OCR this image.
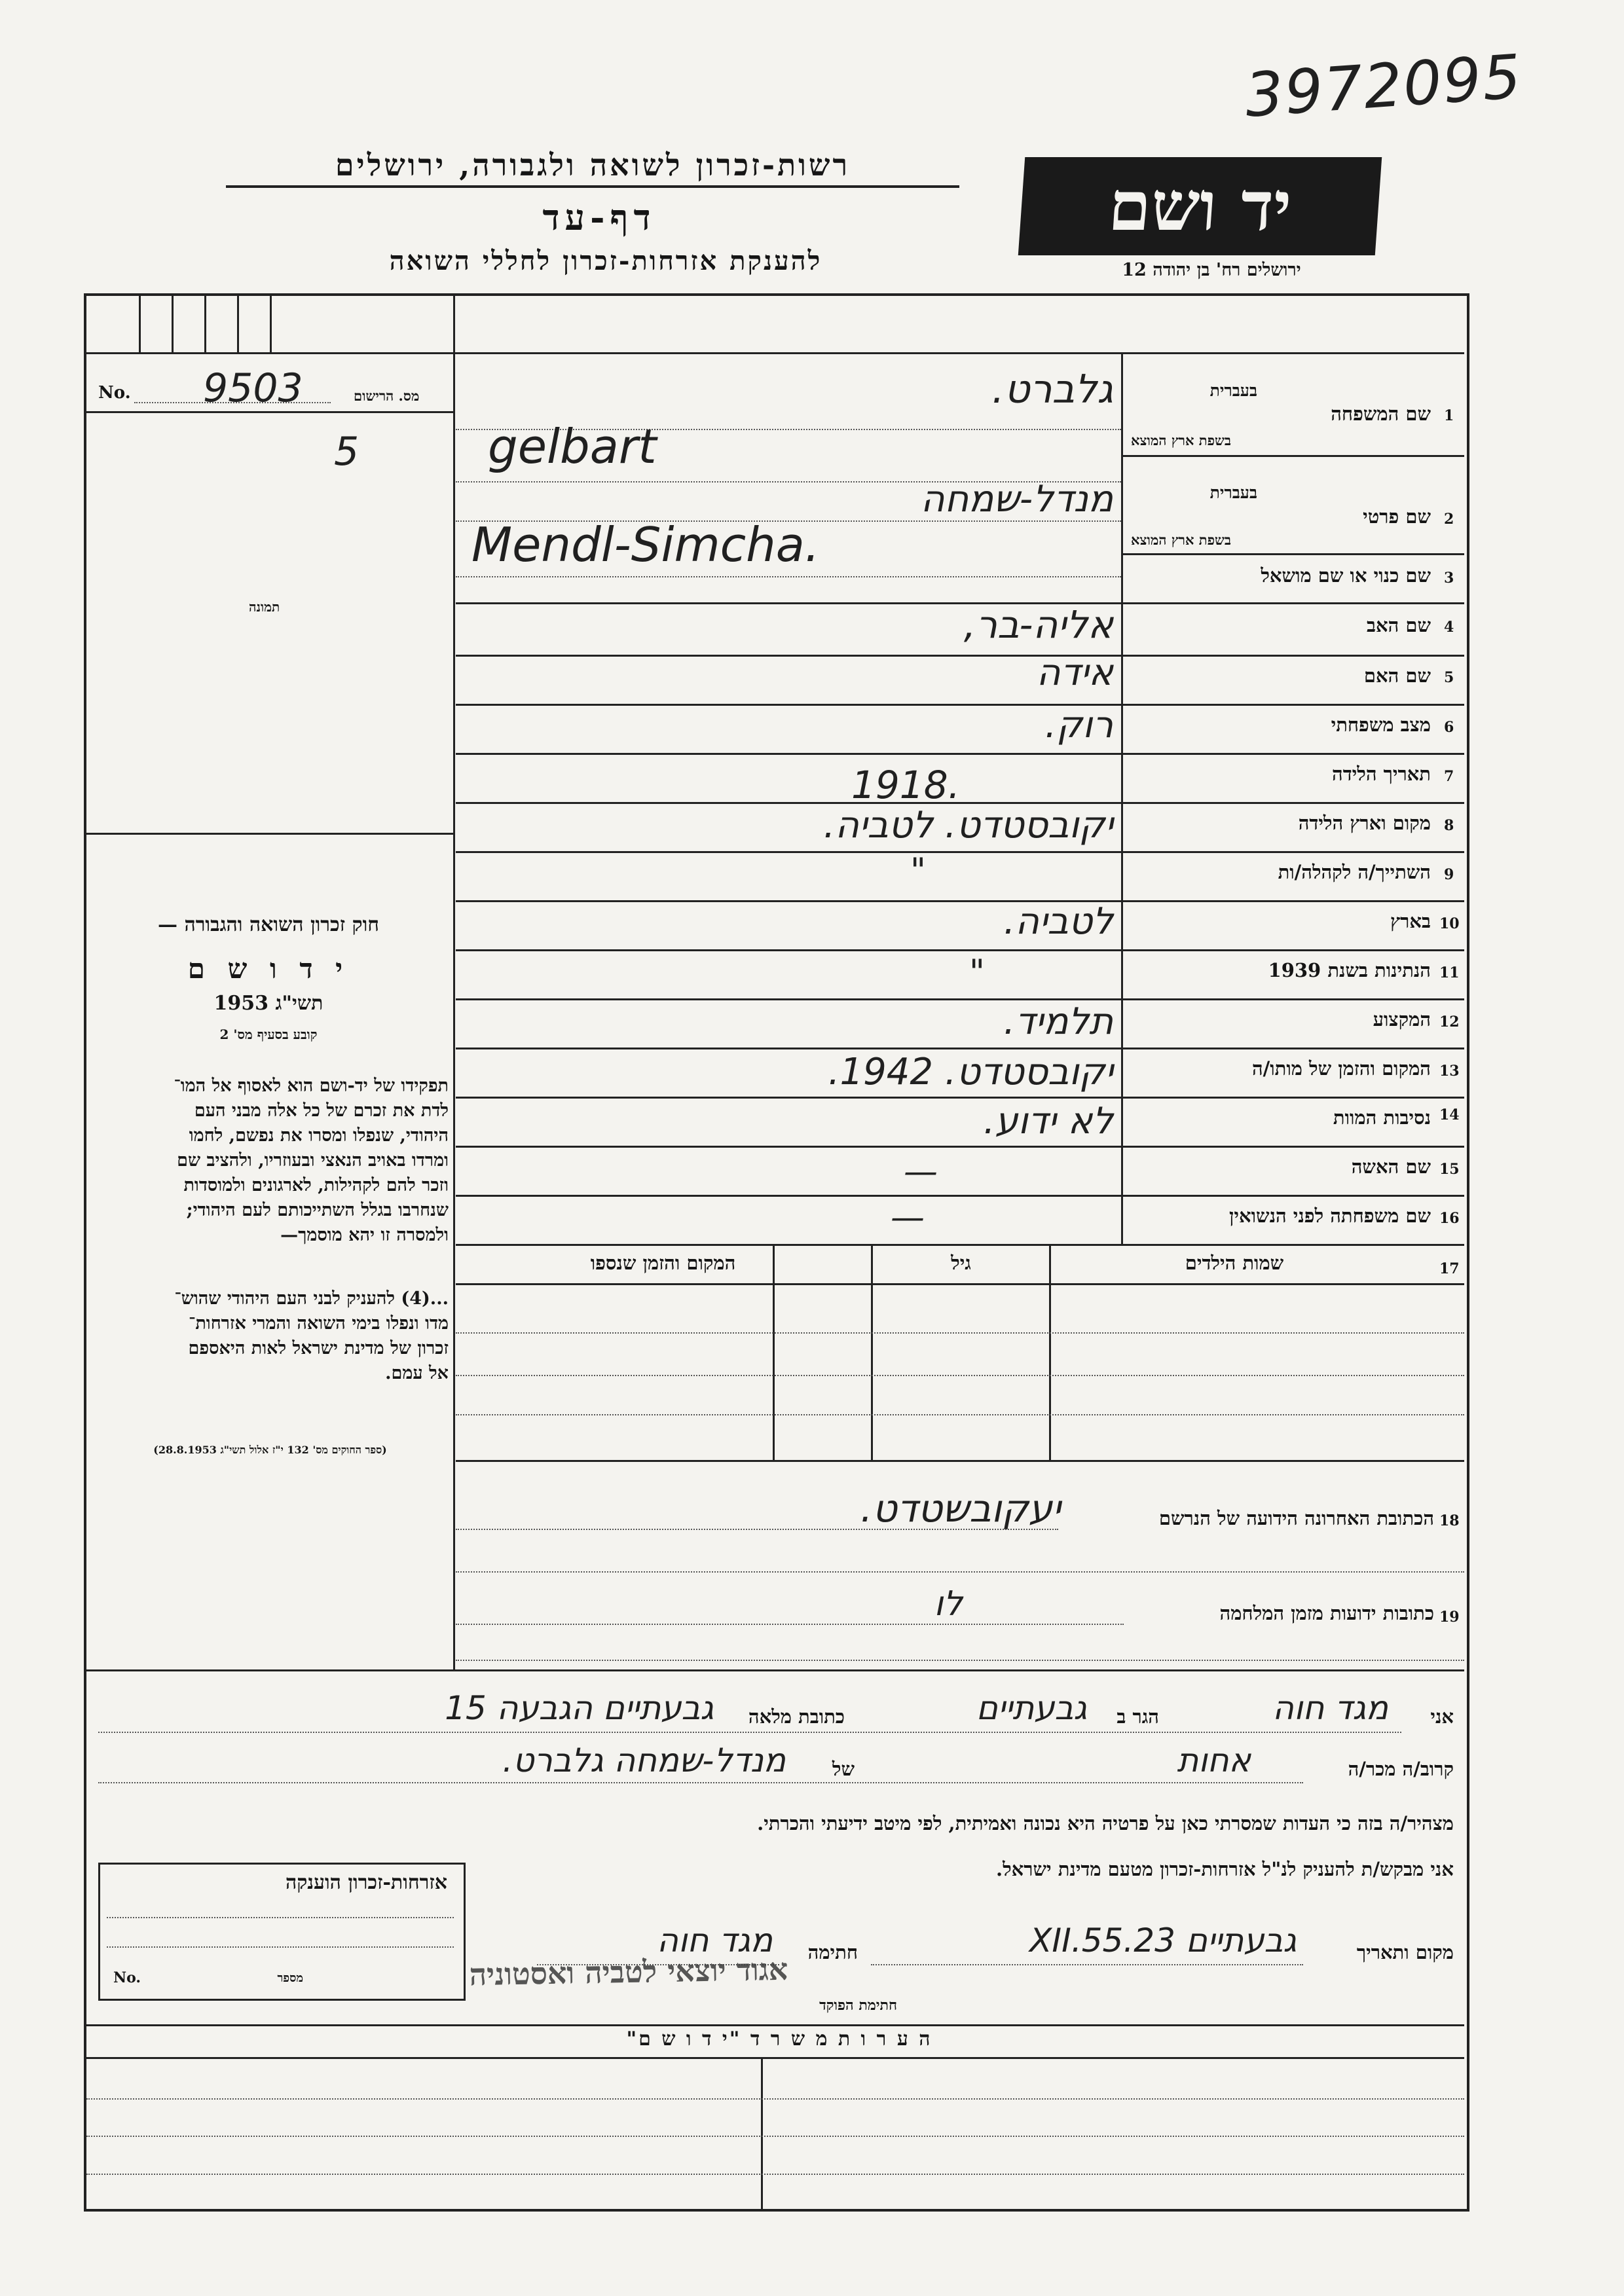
3972095
רשות-זכרון לשואה ולגבורה, ירושלים
דף-עד
להענקת אזרחות-זכרון לחללי השואה
יד ושם
ירושלים רח' בן יהודה 12
No. 9503	מס. הרישום
5
תמונה
חוק זכרון השואה והגבורה —
י ד ו ש ם
תשי"ג 1953
קובע בסעיף מס' 2
תפקידו של יד-ושם הוא לאסוף אל המו־
לדת את זכרם של כל אלה מבני העם
היהודי, שנפלו ומסרו את נפשם, לחמו
ומרדו באויב הנאצי ובעוזריו, ולהציב שם
וזכר להם לקהילות, לארגונים ולמוסדות
שנחרבו בגלל השתייכותם לעם היהודי;
ולמסרה זו יהא מוסמך—
...(4) להעניק לבני העם היהודי שהוש־
מדו ונפלו בימי השואה והמרי אזרחות־
זכרון של מדינת ישראל לאות היאספם
אל עמם.
(ספר החוקים מס' 132 י"ז אלול תשי"ג 28.8.1953)
1
שם המשפחה
בעברית
בשפת ארץ המוצא
גלברט.
gelbart
2
שם פרטי
בעברית
בשפת ארץ המוצא
מנדל-שמחה
Mendl-Simcha.
3
שם כנוי או שם מושאל
4
שם האב
אליה-בר,
5
שם האם
אידה
6
מצב משפחתי
רוק.
7
תאריך הלידה
1918.
8
מקום וארץ הלידה
יקובסטדט. לטביה.
9
השתייך/ה לקהלה/ות
"
10
בארץ
לטביה.
11
הנתינות בשנת 1939
"
12
המקצוע
תלמיד.
13
המקום והזמן של מותו/ה
יקובסטדט. 1942.
14
נסיבות המוות
לא ידוע.
15
שם האשה
—
16
שם משפחתה לפני הנשואין
—
17
שמות הילדים
גיל
המקום והזמן שנספו
18
הכתובת האחרונה הידועה של הנרשם
יעקובשטדט.
19
כתובות ידועות מזמן המלחמה
לו
אני
מגד חוה
הגר ב
גבעתיים
כתובת מלאה
גבעתיים הגבעה 15
קרוב/ה מכר/ה
אחות
של
מנדל-שמחה גלברט.
מצהיר/ה בזה כי העדות שמסרתי כאן על פרטיה היא נכונה ואמיתית, לפי מיטב ידיעתי והכרתי.
אני מבקש/ת להעניק לנ"ל אזרחות-זכרון מטעם מדינת ישראל.
מקום ותאריך
גבעתיים 23.XII.55
חתימה
מגד חוה
אגוד יוצאי לטביה ואסטוניה
חתימת הפוקד
אזרחות-זכרון הוענקה
No.	מספר
ה ע ר ו ת מ ש ר ד "י ד ו ש ם"
